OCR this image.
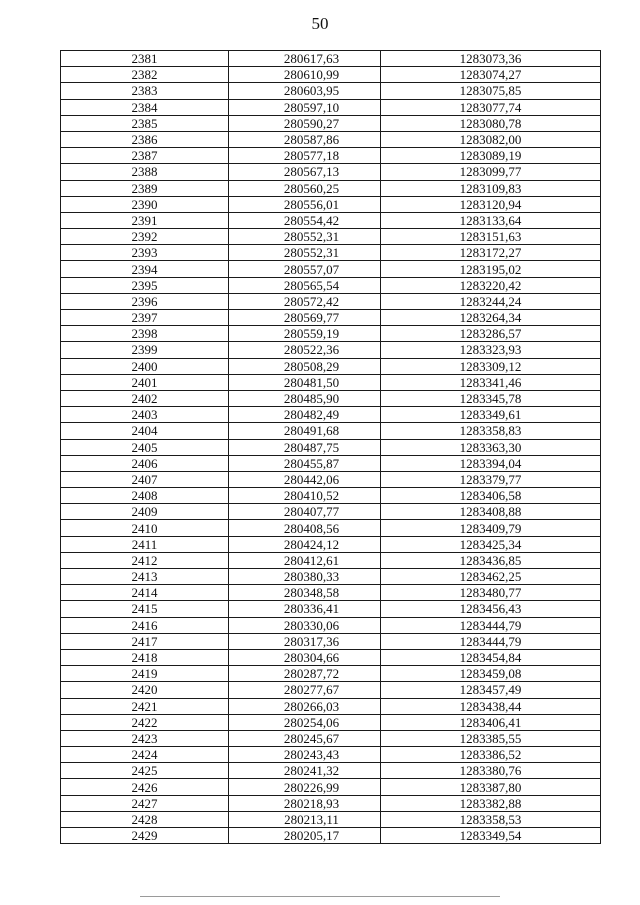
50
2381	280617,63	1283073,36
2382	280610,99	1283074,27
2383	280603,95	1283075,85
2384	280597,10	1283077,74
2385	280590,27	1283080,78
2386	280587,86	1283082,00
2387	280577,18	1283089,19
2388	280567,13	1283099,77
2389	280560,25	1283109,83
2390	280556,01	1283120,94
2391	280554,42	1283133,64
2392	280552,31	1283151,63
2393	280552,31	1283172,27
2394	280557,07	1283195,02
2395	280565,54	1283220,42
2396	280572,42	1283244,24
2397	280569,77	1283264,34
2398	280559,19	1283286,57
2399	280522,36	1283323,93
2400	280508,29	1283309,12
2401	280481,50	1283341,46
2402	280485,90	1283345,78
2403	280482,49	1283349,61
2404	280491,68	1283358,83
2405	280487,75	1283363,30
2406	280455,87	1283394,04
2407	280442,06	1283379,77
2408	280410,52	1283406,58
2409	280407,77	1283408,88
2410	280408,56	1283409,79
2411	280424,12	1283425,34
2412	280412,61	1283436,85
2413	280380,33	1283462,25
2414	280348,58	1283480,77
2415	280336,41	1283456,43
2416	280330,06	1283444,79
2417	280317,36	1283444,79
2418	280304,66	1283454,84
2419	280287,72	1283459,08
2420	280277,67	1283457,49
2421	280266,03	1283438,44
2422	280254,06	1283406,41
2423	280245,67	1283385,55
2424	280243,43	1283386,52
2425	280241,32	1283380,76
2426	280226,99	1283387,80
2427	280218,93	1283382,88
2428	280213,11	1283358,53
2429	280205,17	1283349,54
